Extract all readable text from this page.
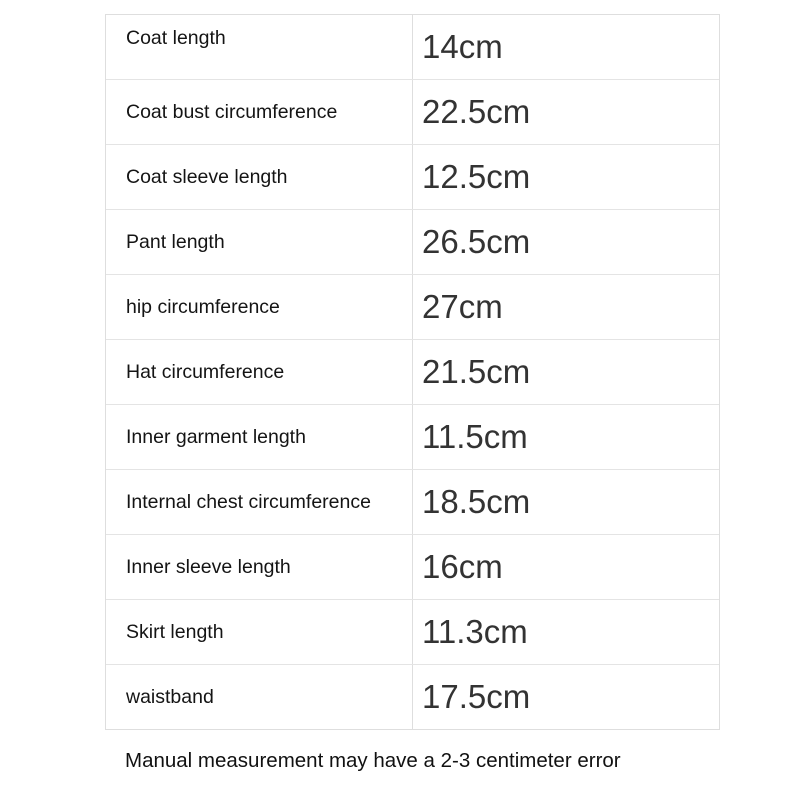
Coat length	14cm
Coat bust circumference	22.5cm
Coat sleeve length	12.5cm
Pant length	26.5cm
hip circumference	27cm
Hat circumference	21.5cm
Inner garment length	11.5cm
Internal chest circumference	18.5cm
Inner sleeve length	16cm
Skirt length	11.3cm
waistband	17.5cm
Manual measurement may have a 2-3 centimeter error
